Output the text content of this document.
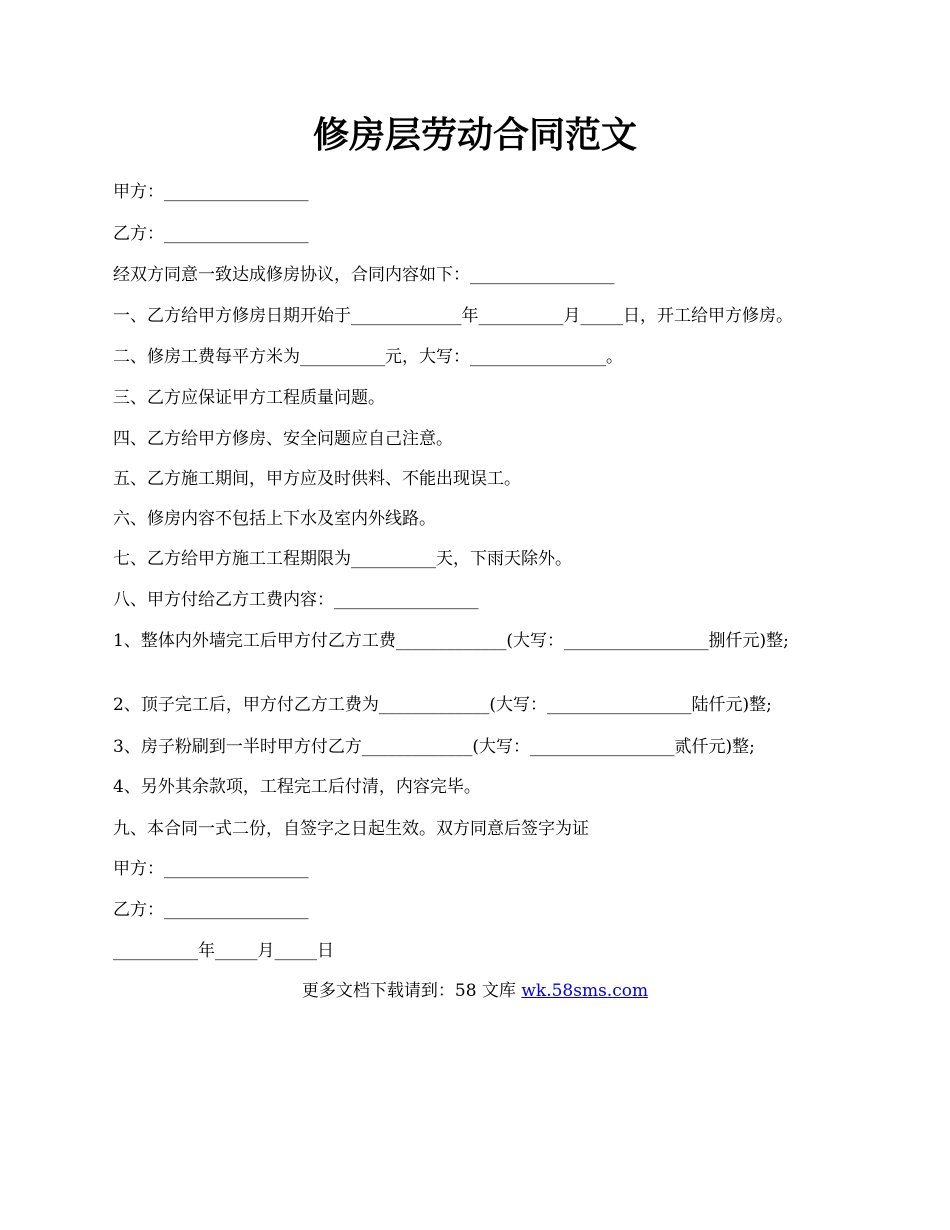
修房层劳动合同范文
甲方：_________________
乙方：_________________
经双方同意一致达成修房协议，合同内容如下：_________________
一、乙方给甲方修房日期开始于_____________年__________月_____日，开工给甲方修房。
二、修房工费每平方米为__________元，大写：________________。
三、乙方应保证甲方工程质量问题。
四、乙方给甲方修房、安全问题应自己注意。
五、乙方施工期间，甲方应及时供料、不能出现误工。
六、修房内容不包括上下水及室内外线路。
七、乙方给甲方施工工程期限为__________天，下雨天除外。
八、甲方付给乙方工费内容：_________________
1、整体内外墙完工后甲方付乙方工费_____________(大写：_________________捌仟元)整;
2、顶子完工后，甲方付乙方工费为_____________(大写：_________________陆仟元)整;
3、房子粉刷到一半时甲方付乙方_____________(大写：_________________贰仟元)整;
4、另外其余款项，工程完工后付清，内容完毕。
九、本合同一式二份，自签字之日起生效。双方同意后签字为证
甲方：_________________
乙方：_________________
__________年_____月_____日
更多文档下载请到：58 文库 wk.58sms.com
